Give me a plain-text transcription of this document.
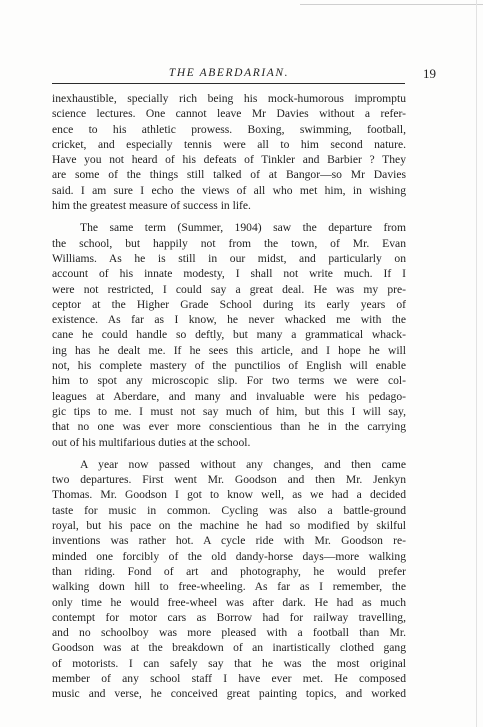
THE ABERDARIAN.	19

inexhaustible, specially rich being his mock-humorous impromptu
science lectures. One cannot leave Mr Davies without a refer-
ence to his athletic prowess. Boxing, swimming, football,
cricket, and especially tennis were all to him second nature.
Have you not heard of his defeats of Tinkler and Barbier ? They
are some of the things still talked of at Bangor—so Mr Davies
said. I am sure I echo the views of all who met him, in wishing
him the greatest measure of success in life.

The same term (Summer, 1904) saw the departure from
the school, but happily not from the town, of Mr. Evan
Williams. As he is still in our midst, and particularly on
account of his innate modesty, I shall not write much. If I
were not restricted, I could say a great deal. He was my pre-
ceptor at the Higher Grade School during its early years of
existence. As far as I know, he never whacked me with the
cane he could handle so deftly, but many a grammatical whack-
ing has he dealt me. If he sees this article, and I hope he will
not, his complete mastery of the punctilios of English will enable
him to spot any microscopic slip. For two terms we were col-
leagues at Aberdare, and many and invaluable were his pedago-
gic tips to me. I must not say much of him, but this I will say,
that no one was ever more conscientious than he in the carrying
out of his multifarious duties at the school.

A year now passed without any changes, and then came
two departures. First went Mr. Goodson and then Mr. Jenkyn
Thomas. Mr. Goodson I got to know well, as we had a decided
taste for music in common. Cycling was also a battle-ground
royal, but his pace on the machine he had so modified by skilful
inventions was rather hot. A cycle ride with Mr. Goodson re-
minded one forcibly of the old dandy-horse days—more walking
than riding. Fond of art and photography, he would prefer
walking down hill to free-wheeling. As far as I remember, the
only time he would free-wheel was after dark. He had as much
contempt for motor cars as Borrow had for railway travelling,
and no schoolboy was more pleased with a football than Mr.
Goodson was at the breakdown of an inartistically clothed gang
of motorists. I can safely say that he was the most original
member of any school staff I have ever met. He composed
music and verse, he conceived great painting topics, and worked
